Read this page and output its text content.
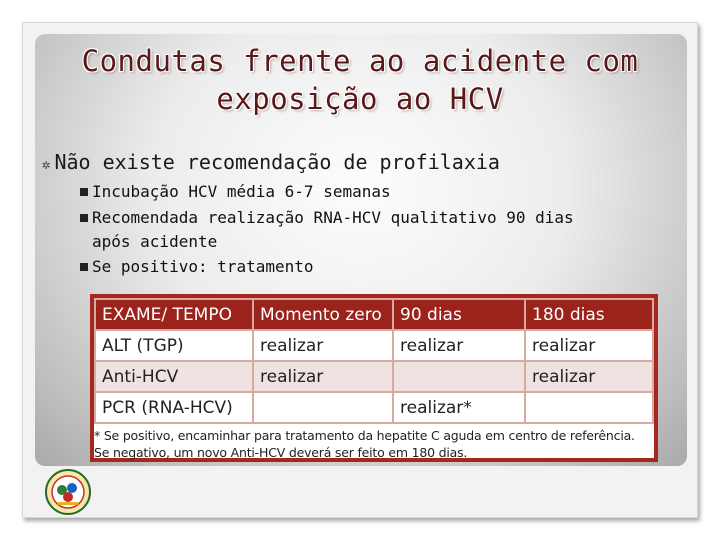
Condutas frente ao acidente com
exposição ao HCV
✲ Não existe recomendação de profilaxia
Incubação HCV média 6-7 semanas
Recomendada realização RNA-HCV qualitativo 90 dias
após acidente
Se positivo: tratamento
EXAME/ TEMPO	Momento zero	90 dias	180 dias
ALT (TGP)	realizar	realizar	realizar
Anti-HCV	realizar		realizar
PCR (RNA-HCV)		realizar*	
* Se positivo, encaminhar para tratamento da hepatite C aguda em centro de referência.
Se negativo, um novo Anti-HCV deverá ser feito em 180 dias.
